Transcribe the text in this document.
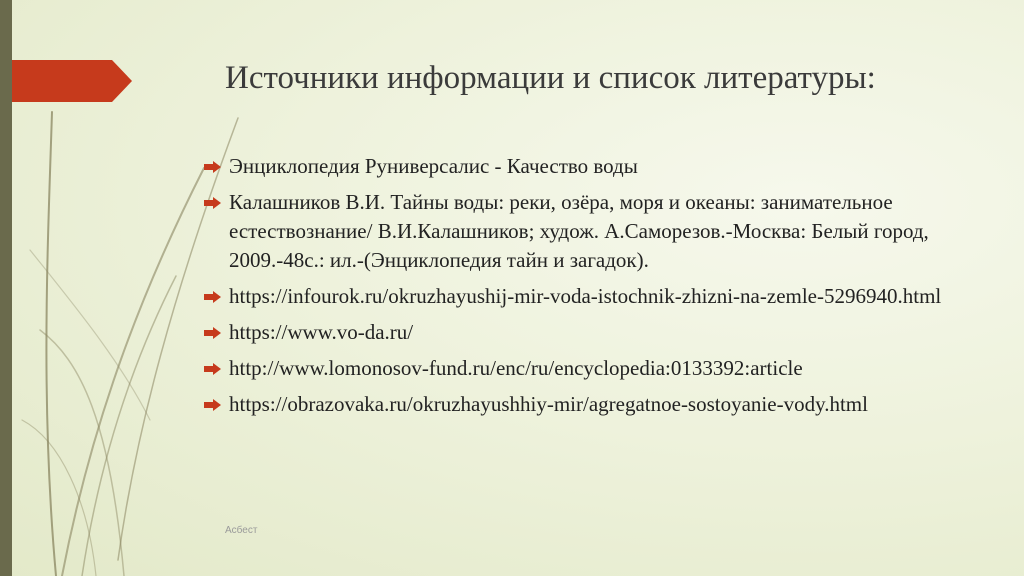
Источники информации и список литературы:
Энциклопедия Руниверсалис - Качество воды
Калашников В.И. Тайны воды: реки, озёра, моря и океаны: занимательное естествознание/ В.И.Калашников; худож. А.Саморезов.-Москва: Белый город, 2009.-48с.: ил.-(Энциклопедия тайн и загадок).
https://infourok.ru/okruzhayushij-mir-voda-istochnik-zhizni-na-zemle-5296940.html
https://www.vo-da.ru/
http://www.lomonosov-fund.ru/enc/ru/encyclopedia:0133392:article
https://obrazovaka.ru/okruzhayushhiy-mir/agregatnoe-sostoyanie-vody.html
Асбест
